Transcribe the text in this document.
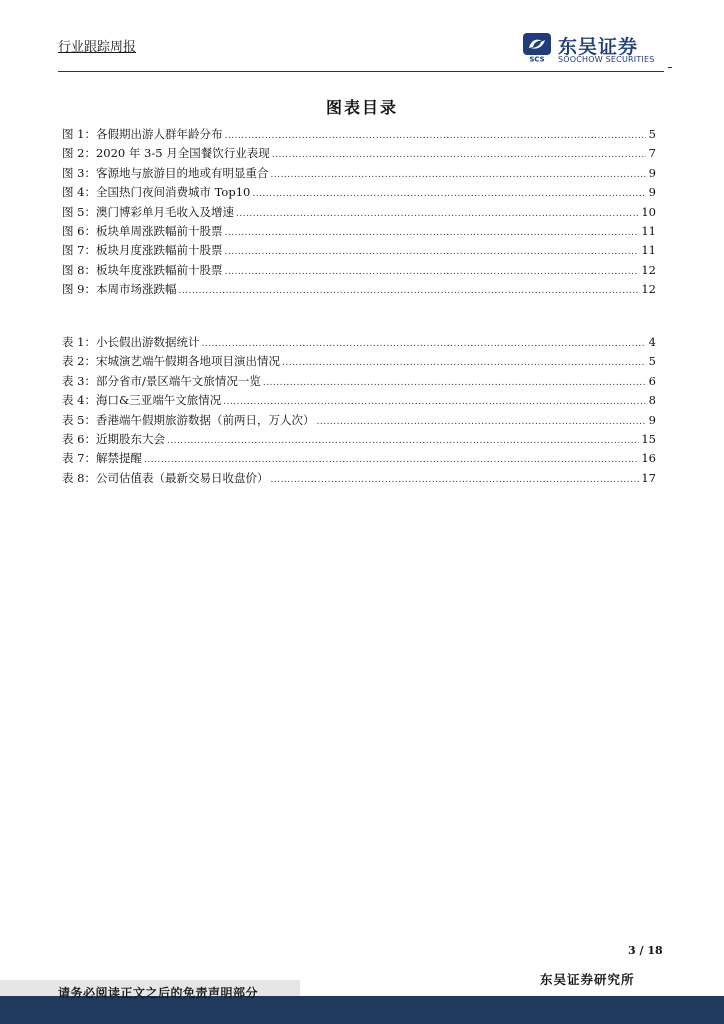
行业跟踪周报
SCS
东吴证券
SOOCHOW SECURITIES
图表目录
图 1：各假期出游人群年龄分布 .....	5
图 2：2020 年 3-5 月全国餐饮行业表现 .....	7
图 3：客源地与旅游目的地或有明显重合 .....	9
图 4：全国热门夜间消费城市 Top10 .....	9
图 5：澳门博彩单月毛收入及增速 .....	10
图 6：板块单周涨跌幅前十股票 .....	11
图 7：板块月度涨跌幅前十股票 .....	11
图 8：板块年度涨跌幅前十股票 .....	12
图 9：本周市场涨跌幅 .....	12
表 1：小长假出游数据统计 .....	4
表 2：宋城演艺端午假期各地项目演出情况 .....	5
表 3：部分省市/景区端午文旅情况一览 .....	6
表 4：海口&三亚端午文旅情况 .....	8
表 5：香港端午假期旅游数据（前两日，万人次） .....	9
表 6：近期股东大会 .....	15
表 7：解禁提醒 .....	16
表 8：公司估值表（最新交易日收盘价） .....	17
3 / 18
东吴证券研究所
请务必阅读正文之后的免责声明部分
